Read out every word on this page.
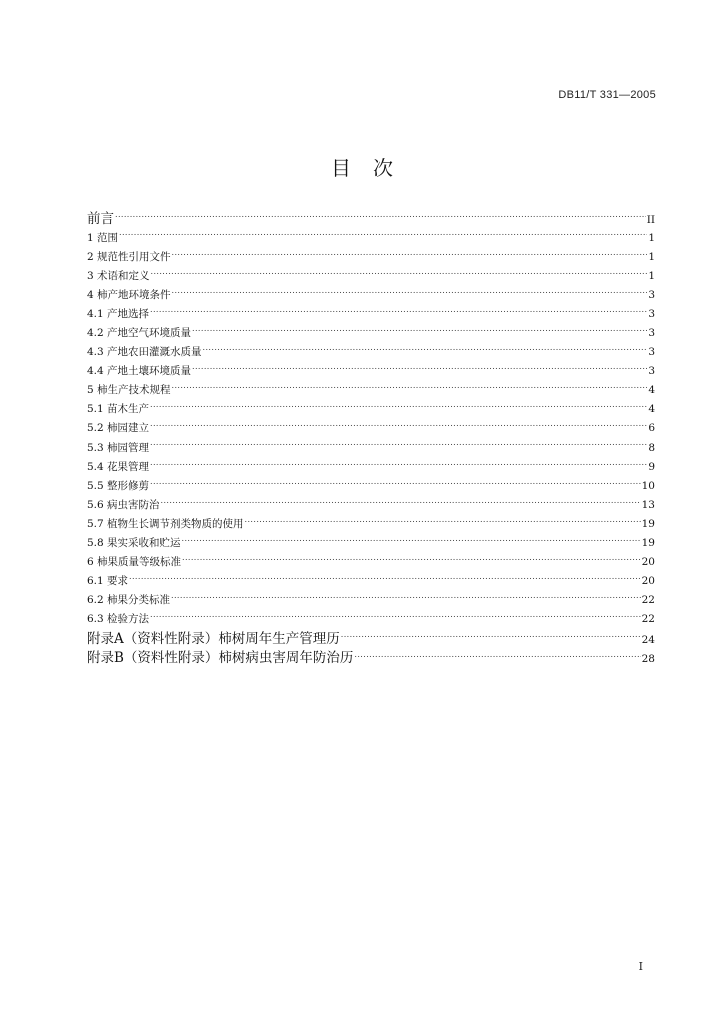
DB11/T 331—2005
目次
前言 .....	II
1 范围 .....	1
2 规范性引用文件 .....	1
3 术语和定义 .....	1
4 柿产地环境条件 .....	3
4.1 产地选择 .....	3
4.2 产地空气环境质量 .....	3
4.3 产地农田灌溉水质量 .....	3
4.4 产地土壤环境质量 .....	3
5 柿生产技术规程 .....	4
5.1 苗木生产 .....	4
5.2 柿园建立 .....	6
5.3 柿园管理 .....	8
5.4 花果管理 .....	9
5.5 整形修剪 .....	10
5.6 病虫害防治 .....	13
5.7 植物生长调节剂类物质的使用 .....	19
5.8 果实采收和贮运 .....	19
6 柿果质量等级标准 .....	20
6.1 要求 .....	20
6.2 柿果分类标准 .....	22
6.3 检验方法 .....	22
附录A（资料性附录）柿树周年生产管理历 .....	24
附录B（资料性附录）柿树病虫害周年防治历 .....	28
I
